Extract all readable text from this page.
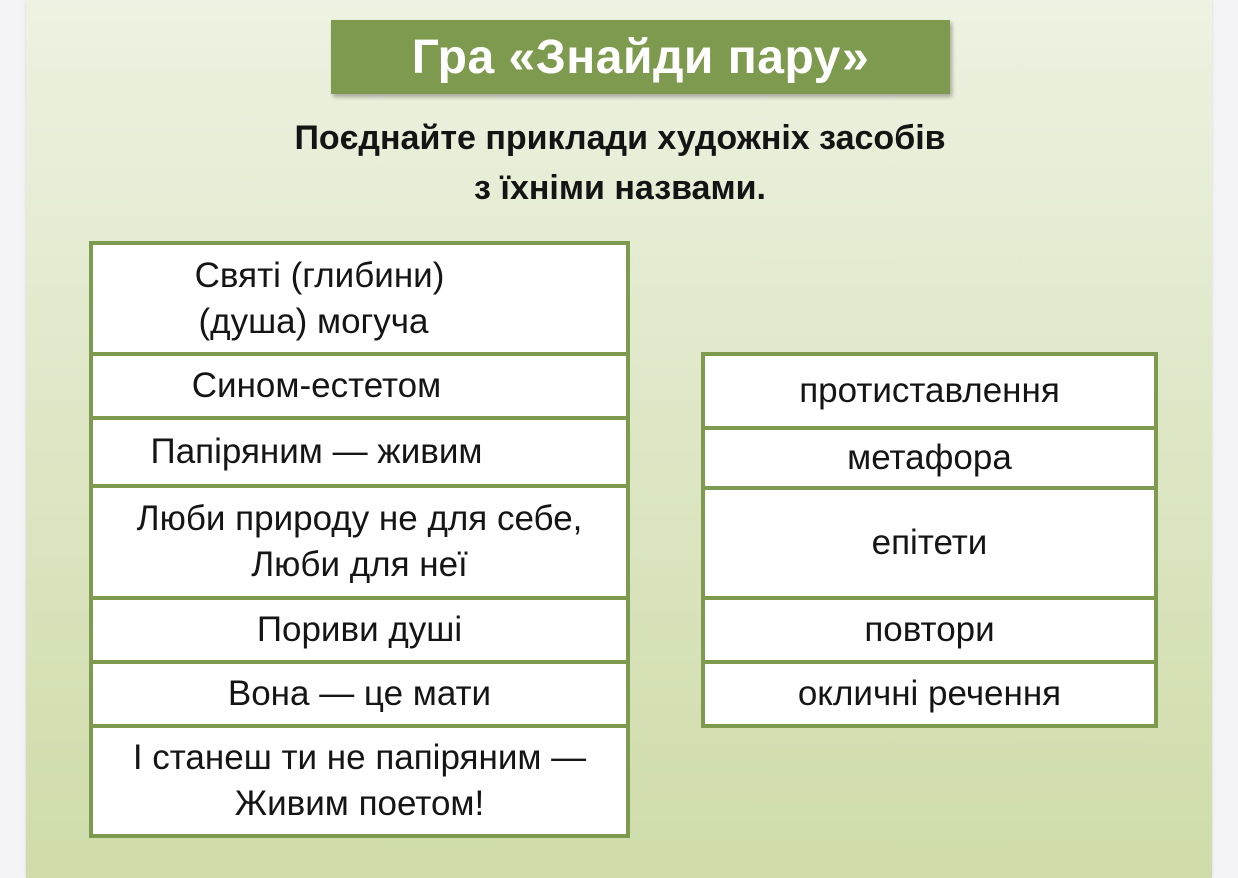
Гра «Знайди пару»
Поєднайте приклади художніх засобів
з їхніми назвами.
Святі (глибини)
(душа) могуча
Сином-естетом
Папіряним — живим
Люби природу не для себе,
Люби для неї
Пориви душі
Вона — це мати
І станеш ти не папіряним —
Живим поетом!
протиставлення
метафора
епітети
повтори
окличні речення
